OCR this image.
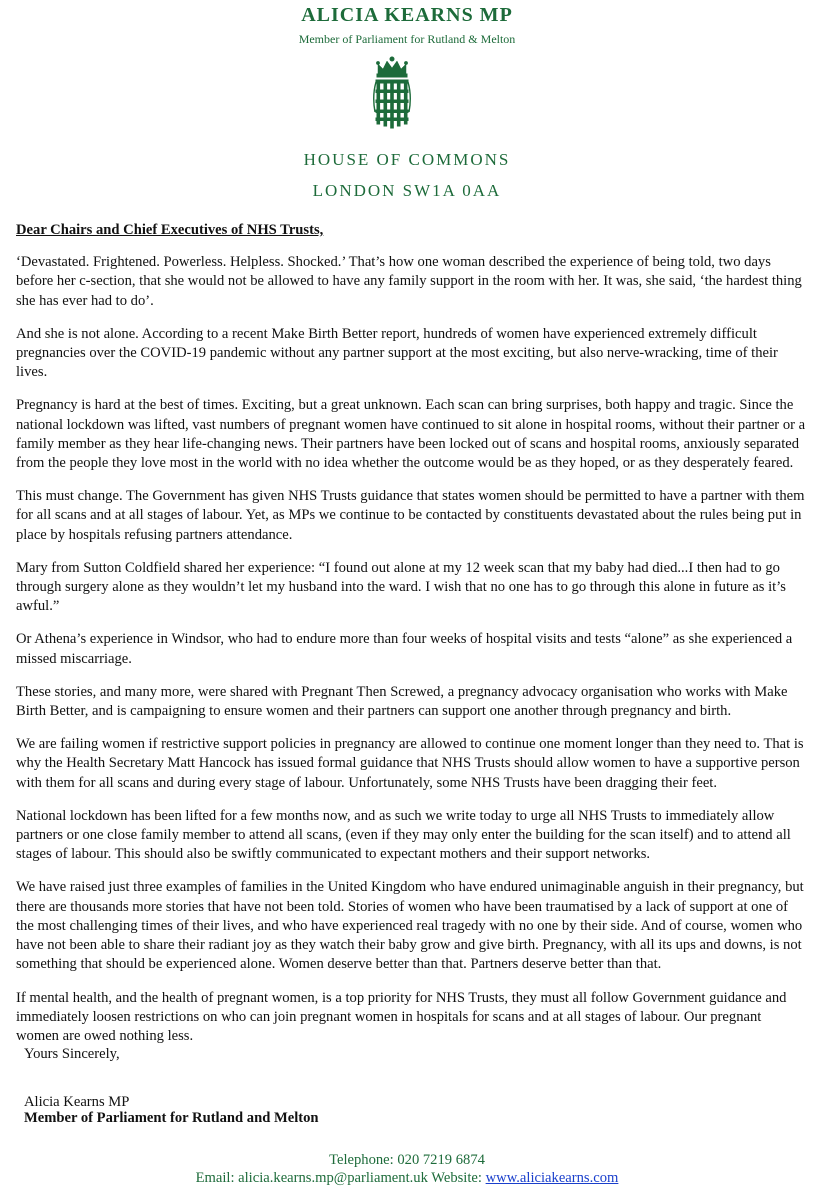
ALICIA KEARNS MP
Member of Parliament for Rutland & Melton
HOUSE OF COMMONS
LONDON SW1A 0AA

Dear Chairs and Chief Executives of NHS Trusts,

‘Devastated. Frightened. Powerless. Helpless. Shocked.’ That’s how one woman described the experience of being told, two days before her c-section, that she would not be allowed to have any family support in the room with her. It was, she said, ‘the hardest thing she has ever had to do’.

And she is not alone. According to a recent Make Birth Better report, hundreds of women have experienced extremely difficult pregnancies over the COVID-19 pandemic without any partner support at the most exciting, but also nerve-wracking, time of their lives.

Pregnancy is hard at the best of times. Exciting, but a great unknown. Each scan can bring surprises, both happy and tragic. Since the national lockdown was lifted, vast numbers of pregnant women have continued to sit alone in hospital rooms, without their partner or a family member as they hear life-changing news. Their partners have been locked out of scans and hospital rooms, anxiously separated from the people they love most in the world with no idea whether the outcome would be as they hoped, or as they desperately feared.

This must change. The Government has given NHS Trusts guidance that states women should be permitted to have a partner with them for all scans and at all stages of labour. Yet, as MPs we continue to be contacted by constituents devastated about the rules being put in place by hospitals refusing partners attendance.

Mary from Sutton Coldfield shared her experience: “I found out alone at my 12 week scan that my baby had died...I then had to go through surgery alone as they wouldn’t let my husband into the ward. I wish that no one has to go through this alone in future as it’s awful.”

Or Athena’s experience in Windsor, who had to endure more than four weeks of hospital visits and tests “alone” as she experienced a missed miscarriage.

These stories, and many more, were shared with Pregnant Then Screwed, a pregnancy advocacy organisation who works with Make Birth Better, and is campaigning to ensure women and their partners can support one another through pregnancy and birth.

We are failing women if restrictive support policies in pregnancy are allowed to continue one moment longer than they need to. That is why the Health Secretary Matt Hancock has issued formal guidance that NHS Trusts should allow women to have a supportive person with them for all scans and during every stage of labour. Unfortunately, some NHS Trusts have been dragging their feet.

National lockdown has been lifted for a few months now, and as such we write today to urge all NHS Trusts to immediately allow partners or one close family member to attend all scans, (even if they may only enter the building for the scan itself) and to attend all stages of labour. This should also be swiftly communicated to expectant mothers and their support networks.

We have raised just three examples of families in the United Kingdom who have endured unimaginable anguish in their pregnancy, but there are thousands more stories that have not been told. Stories of women who have been traumatised by a lack of support at one of the most challenging times of their lives, and who have experienced real tragedy with no one by their side. And of course, women who have not been able to share their radiant joy as they watch their baby grow and give birth. Pregnancy, with all its ups and downs, is not something that should be experienced alone. Women deserve better than that. Partners deserve better than that.

If mental health, and the health of pregnant women, is a top priority for NHS Trusts, they must all follow Government guidance and immediately loosen restrictions on who can join pregnant women in hospitals for scans and at all stages of labour. Our pregnant women are owed nothing less.

Yours Sincerely,
Alicia Kearns MP
Member of Parliament for Rutland and Melton
Telephone: 020 7219 6874
Email: alicia.kearns.mp@parliament.uk Website: www.aliciakearns.com
